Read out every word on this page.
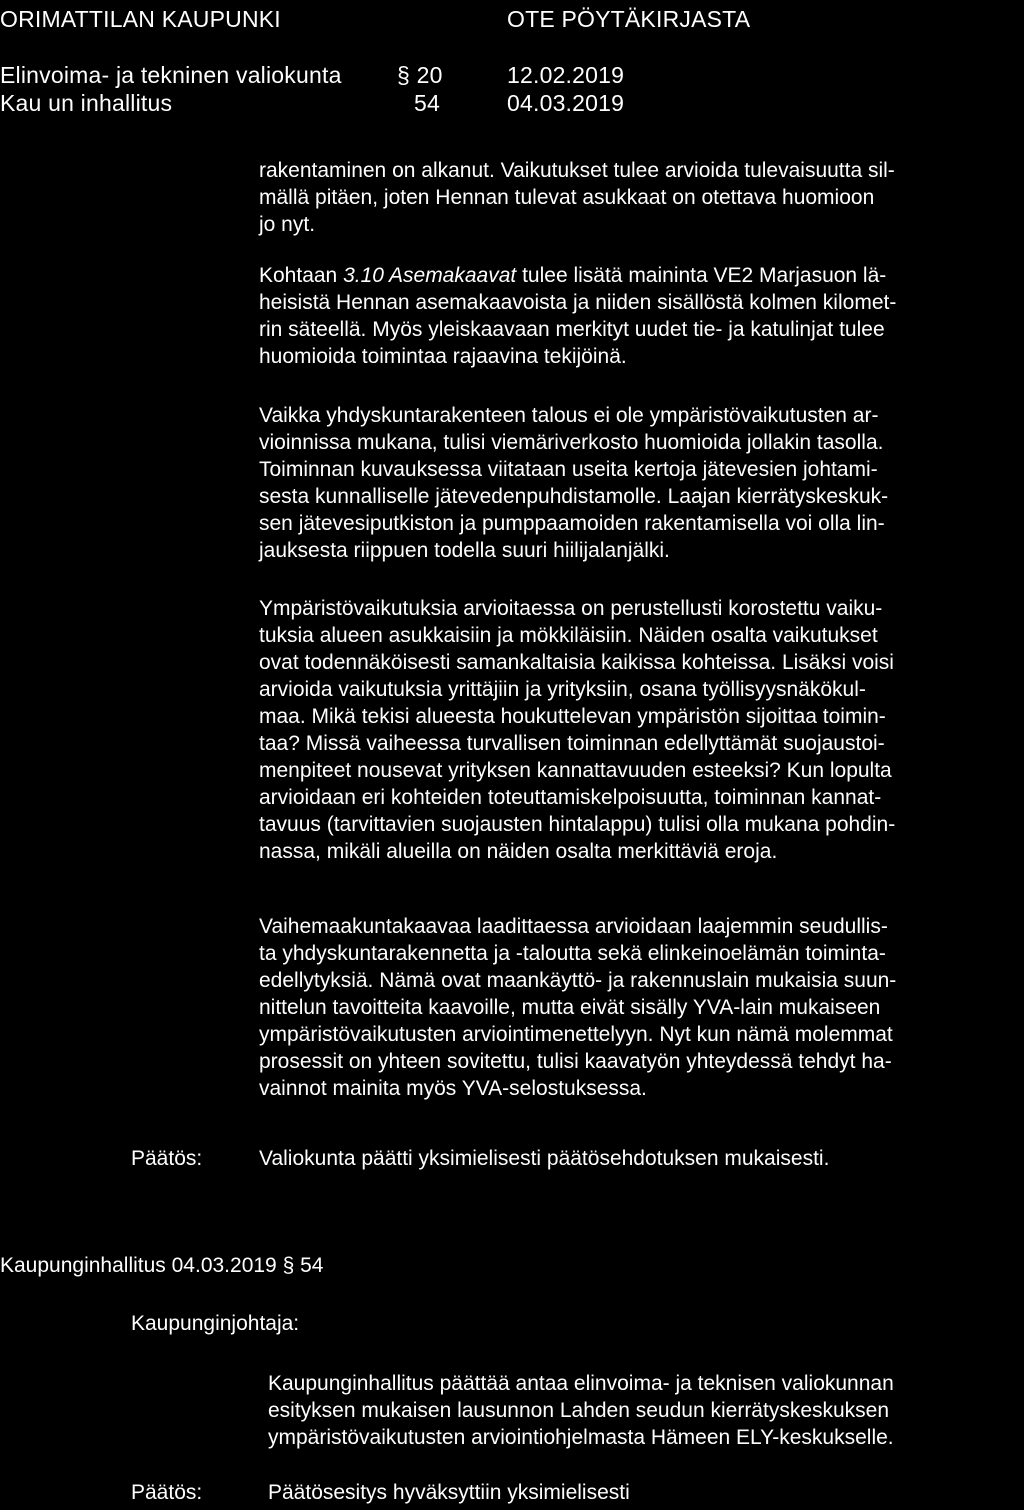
ORIMATTILAN KAUPUNKI	OTE PÖYTÄKIRJASTA
Elinvoima- ja tekninen valiokunta § 20	12.02.2019
Kau un inhallitus	54	04.03.2019

rakentaminen on alkanut. Vaikutukset tulee arvioida tulevaisuutta sil-
mällä pitäen, joten Hennan tulevat asukkaat on otettava huomioon
jo nyt.

Kohtaan 3.10 Asemakaavat tulee lisätä maininta VE2 Marjasuon lä-
heisistä Hennan asemakaavoista ja niiden sisällöstä kolmen kilomet-
rin säteellä. Myös yleiskaavaan merkityt uudet tie- ja katulinjat tulee
huomioida toimintaa rajaavina tekijöinä.

Vaikka yhdyskuntarakenteen talous ei ole ympäristövaikutusten ar-
vioinnissa mukana, tulisi viemäriverkosto huomioida jollakin tasolla.
Toiminnan kuvauksessa viitataan useita kertoja jätevesien johtami-
sesta kunnalliselle jätevedenpuhdistamolle. Laajan kierrätyskeskuk-
sen jätevesiputkiston ja pumppaamoiden rakentamisella voi olla lin-
jauksesta riippuen todella suuri hiilijalanjälki.

Ympäristövaikutuksia arvioitaessa on perustellusti korostettu vaiku-
tuksia alueen asukkaisiin ja mökkiläisiin. Näiden osalta vaikutukset
ovat todennäköisesti samankaltaisia kaikissa kohteissa. Lisäksi voisi
arvioida vaikutuksia yrittäjiin ja yrityksiin, osana työllisyysnäkökul-
maa. Mikä tekisi alueesta houkuttelevan ympäristön sijoittaa toimin-
taa? Missä vaiheessa turvallisen toiminnan edellyttämät suojaustoi-
menpiteet nousevat yrityksen kannattavuuden esteeksi? Kun lopulta
arvioidaan eri kohteiden toteuttamiskelpoisuutta, toiminnan kannat-
tavuus (tarvittavien suojausten hintalappu) tulisi olla mukana pohdin-
nassa, mikäli alueilla on näiden osalta merkittäviä eroja.

Vaihemaakuntakaavaa laadittaessa arvioidaan laajemmin seudullis-
ta yhdyskuntarakennetta ja -taloutta sekä elinkeinoelämän toiminta-
edellytyksiä. Nämä ovat maankäyttö- ja rakennuslain mukaisia suun-
nittelun tavoitteita kaavoille, mutta eivät sisälly YVA-lain mukaiseen
ympäristövaikutusten arviointimenettelyyn. Nyt kun nämä molemmat
prosessit on yhteen sovitettu, tulisi kaavatyön yhteydessä tehdyt ha-
vainnot mainita myös YVA-selostuksessa.

Päätös:	Valiokunta päätti yksimielisesti päätösehdotuksen mukaisesti.
Kaupunginhallitus 04.03.2019 § 54
Kaupunginjohtaja:

Kaupunginhallitus päättää antaa elinvoima- ja teknisen valiokunnan
esityksen mukaisen lausunnon Lahden seudun kierrätyskeskuksen
ympäristövaikutusten arviointiohjelmasta Hämeen ELY-keskukselle.

Päätös:	Päätösesitys hyväksyttiin yksimielisesti
